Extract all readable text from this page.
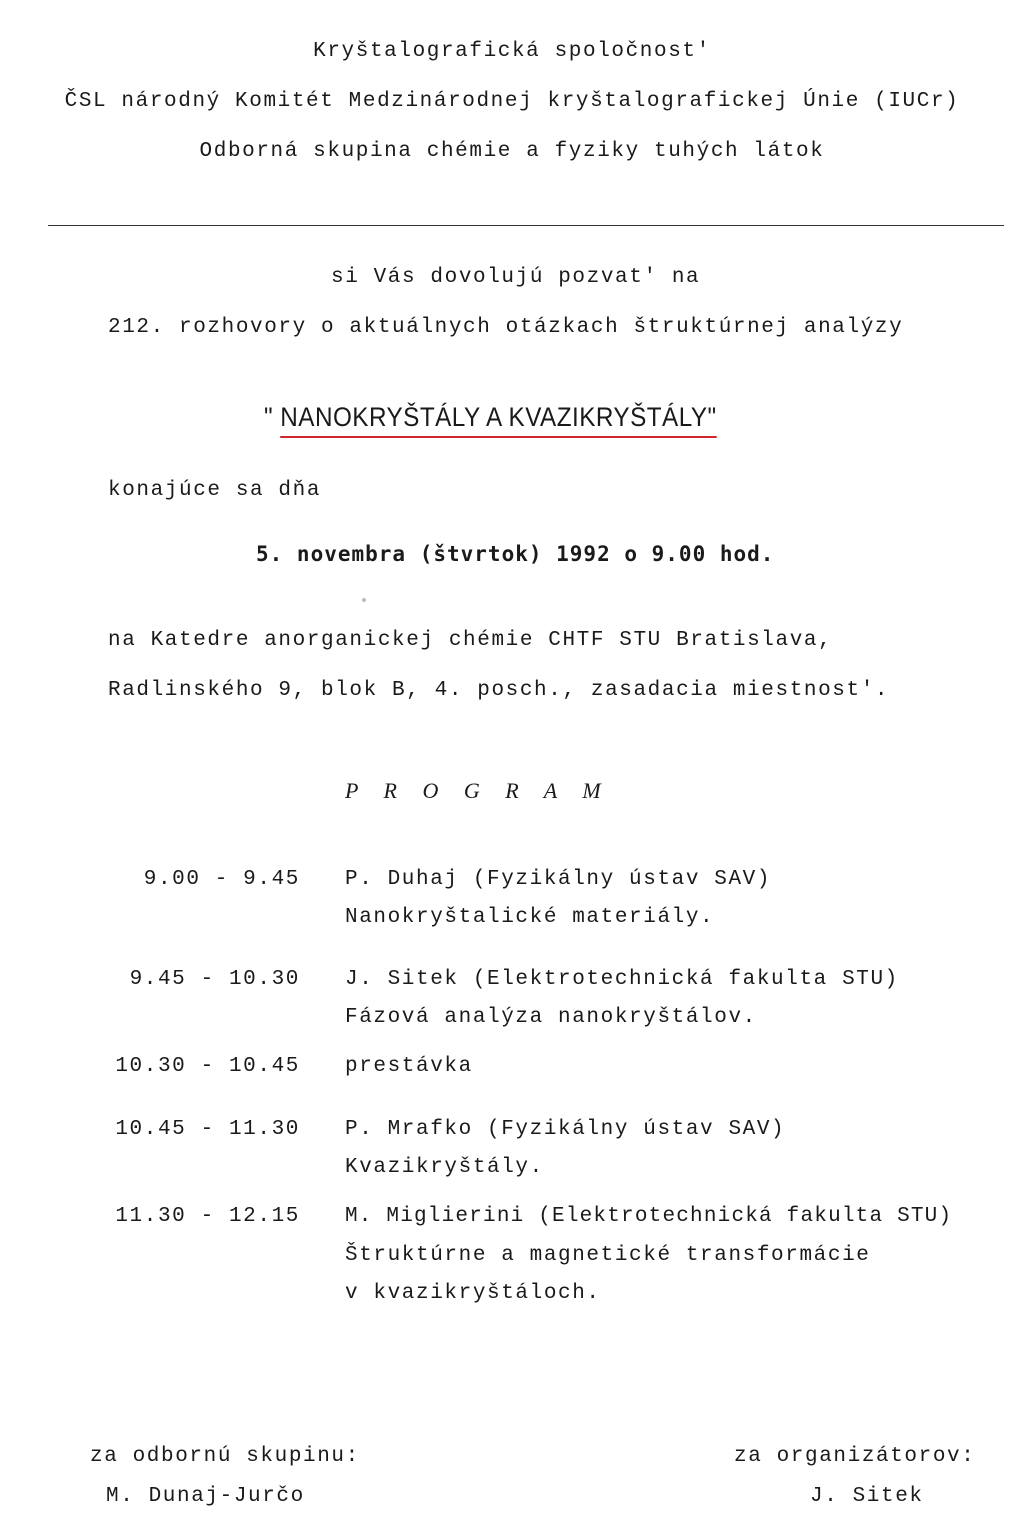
Kryštalografická spoločnost'

ČSL národný Komitét Medzinárodnej kryštalografickej Únie (IUCr)

Odborná skupina chémie a fyziky tuhých látok

si Vás dovolujú pozvat' na

212. rozhovory o aktuálnych otázkach štruktúrnej analýzy

" NANOKRYŠTÁLY A KVAZIKRYŠTÁLY"

konajúce sa dňa

5. novembra (štvrtok) 1992 o 9.00 hod.

na Katedre anorganickej chémie CHTF STU Bratislava,

Radlinského 9, blok B, 4. posch., zasadacia miestnost'.

P R O G R A M

9.00 - 9.45 P. Duhaj (Fyzikálny ústav SAV)

Nanokryštalické materiály.

9.45 - 10.30 J. Sitek (Elektrotechnická fakulta STU)

Fázová analýza nanokryštálov.

10.30 - 10.45 prestávka

10.45 - 11.30 P. Mrafko (Fyzikálny ústav SAV)

Kvazikryštály.

11.30 - 12.15 M. Miglierini (Elektrotechnická fakulta STU)

Štruktúrne a magnetické transformácie

v kvazikryštáloch.

za odbornú skupinu:

M. Dunaj-Jurčo

za organizátorov:

J. Sitek
